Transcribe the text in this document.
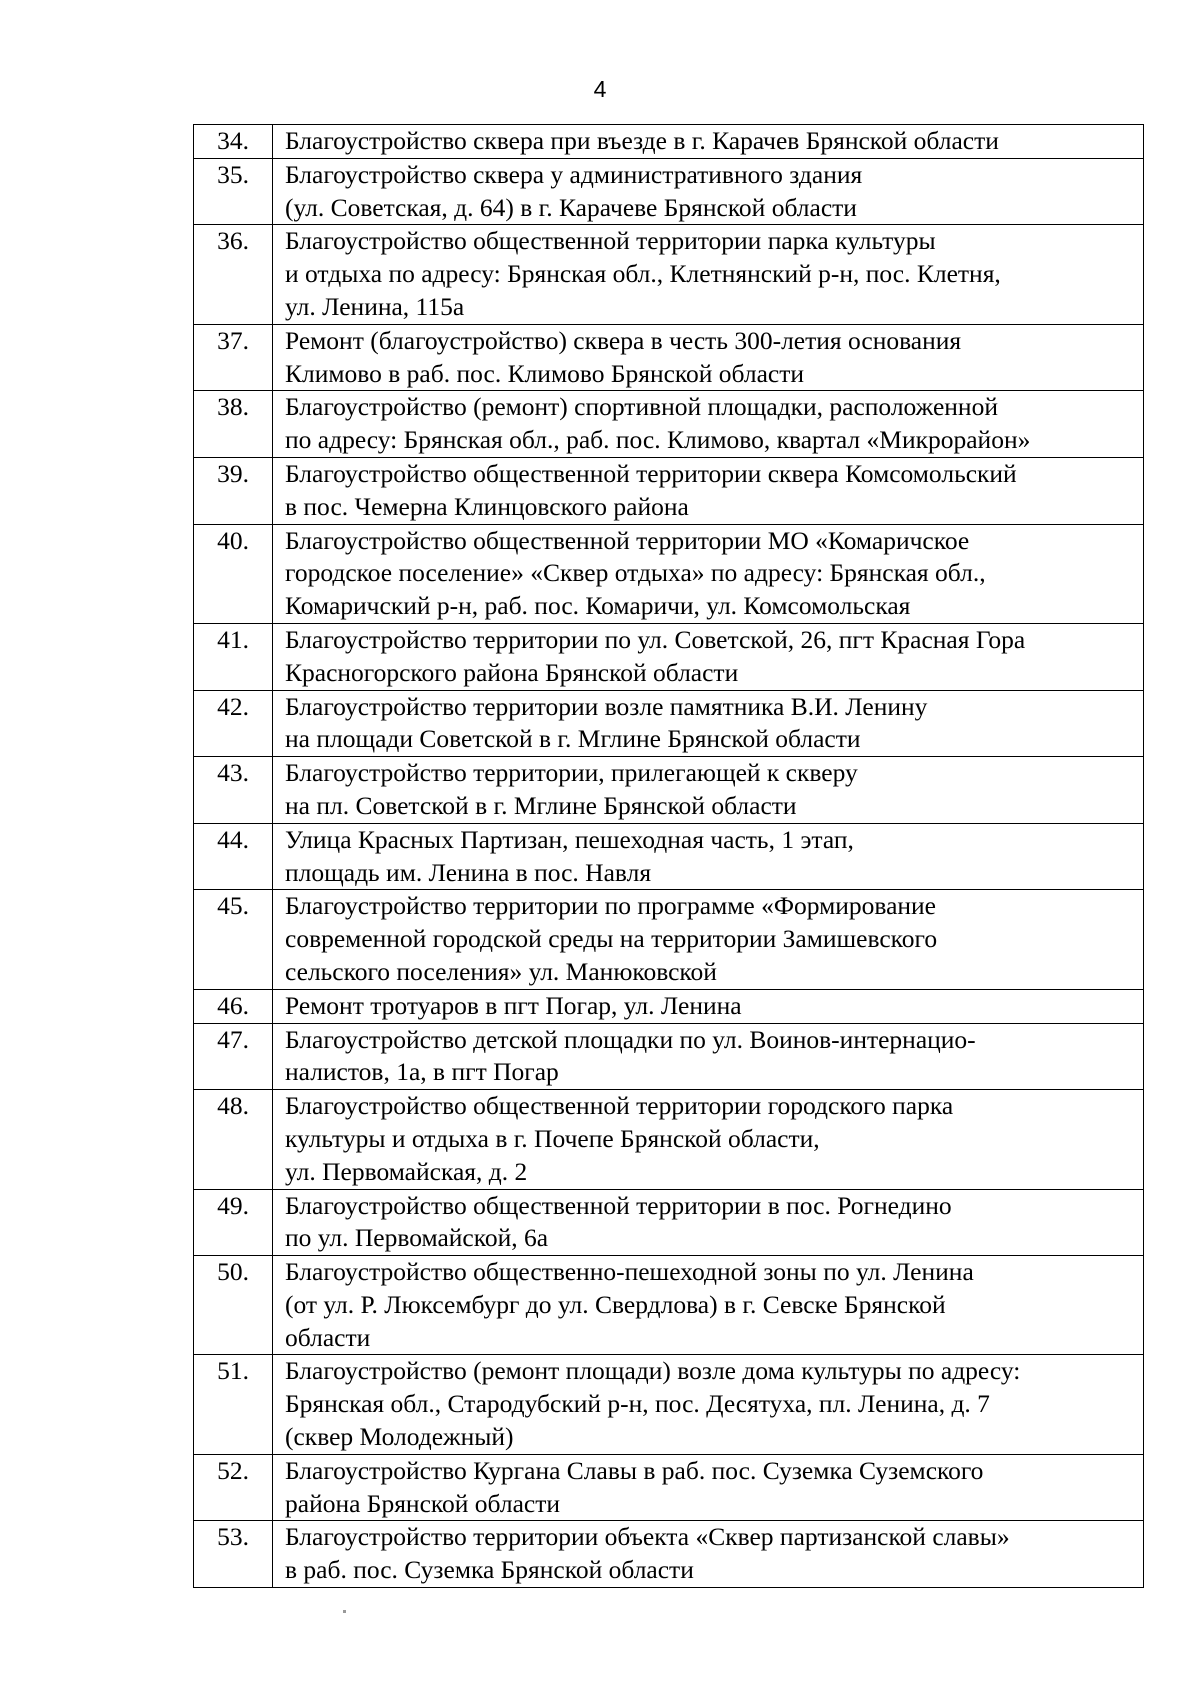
4
34.	Благоустройство сквера при въезде в г. Карачев Брянской области
35.	Благоустройство сквера у административного здания
(ул. Советская, д. 64) в г. Карачеве Брянской области
36.	Благоустройство общественной территории парка культуры
и отдыха по адресу: Брянская обл., Клетнянский р-н, пос. Клетня,
ул. Ленина, 115а
37.	Ремонт (благоустройство) сквера в честь 300-летия основания
Климово в раб. пос. Климово Брянской области
38.	Благоустройство (ремонт) спортивной площадки, расположенной
по адресу: Брянская обл., раб. пос. Климово, квартал «Микрорайон»
39.	Благоустройство общественной территории сквера Комсомольский
в пос. Чемерна Клинцовского района
40.	Благоустройство общественной территории МО «Комаричское
городское поселение» «Сквер отдыха» по адресу: Брянская обл.,
Комаричский р-н, раб. пос. Комаричи, ул. Комсомольская
41.	Благоустройство территории по ул. Советской, 26, пгт Красная Гора
Красногорского района Брянской области
42.	Благоустройство территории возле памятника В.И. Ленину
на площади Советской в г. Мглине Брянской области
43.	Благоустройство территории, прилегающей к скверу
на пл. Советской в г. Мглине Брянской области
44.	Улица Красных Партизан, пешеходная часть, 1 этап,
площадь им. Ленина в пос. Навля
45.	Благоустройство территории по программе «Формирование
современной городской среды на территории Замишевского
сельского поселения» ул. Манюковской
46.	Ремонт тротуаров в пгт Погар, ул. Ленина
47.	Благоустройство детской площадки по ул. Воинов-интернацио-
налистов, 1а, в пгт Погар
48.	Благоустройство общественной территории городского парка
культуры и отдыха в г. Почепе Брянской области,
ул. Первомайская, д. 2
49.	Благоустройство общественной территории в пос. Рогнедино
по ул. Первомайской, 6а
50.	Благоустройство общественно-пешеходной зоны по ул. Ленина
(от ул. Р. Люксембург до ул. Свердлова) в г. Севске Брянской
области
51.	Благоустройство (ремонт площади) возле дома культуры по адресу:
Брянская обл., Стародубский р-н, пос. Десятуха, пл. Ленина, д. 7
(сквер Молодежный)
52.	Благоустройство Кургана Славы в раб. пос. Суземка Суземского
района Брянской области
53.	Благоустройство территории объекта «Сквер партизанской славы»
в раб. пос. Суземка Брянской области
